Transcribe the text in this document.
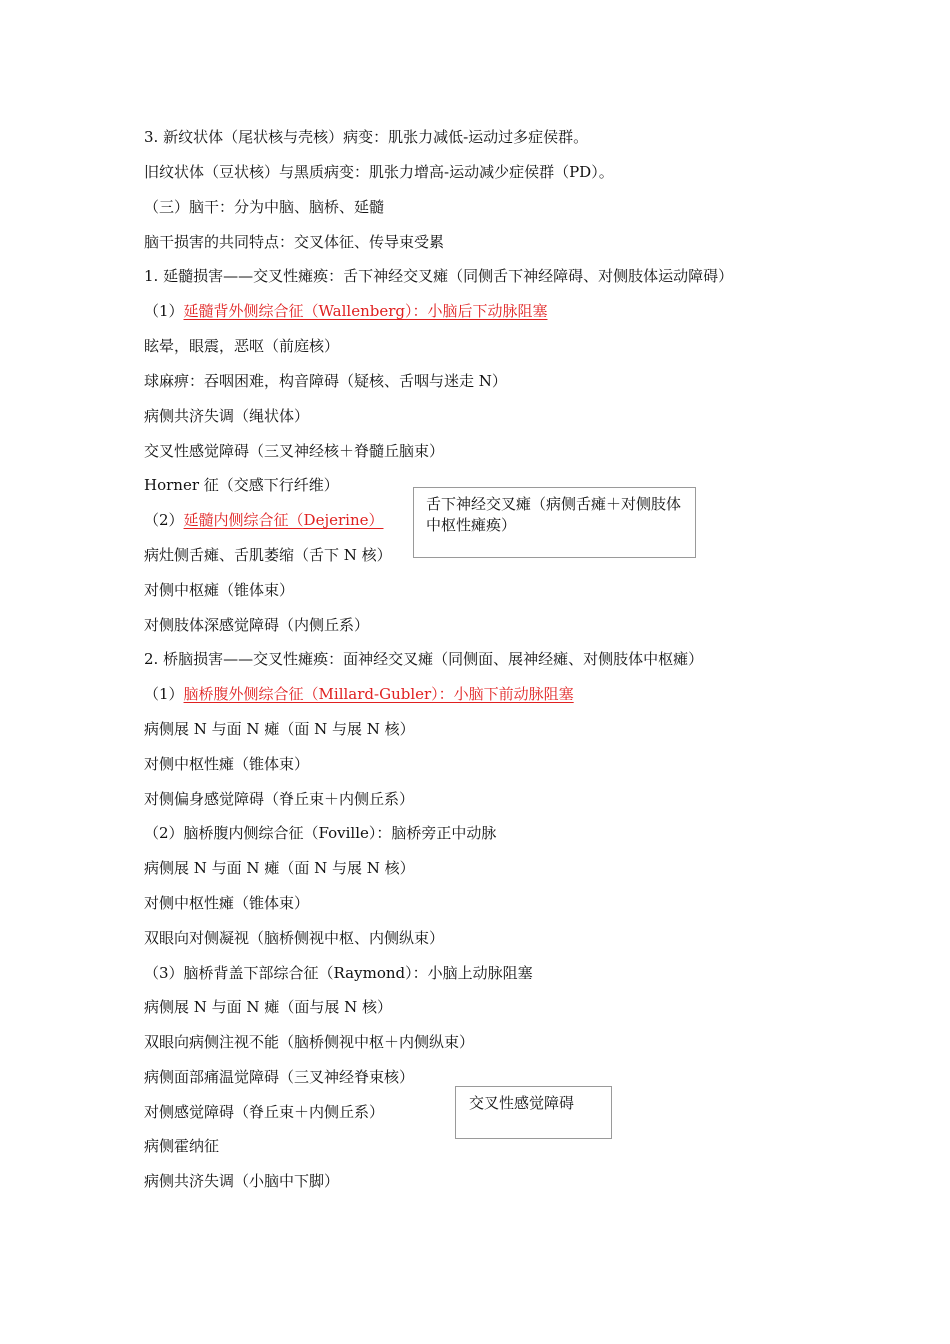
3. 新纹状体（尾状核与壳核）病变：肌张力减低-运动过多症侯群。
旧纹状体（豆状核）与黑质病变：肌张力增高-运动减少症侯群（PD）。
（三）脑干：分为中脑、脑桥、延髓
脑干损害的共同特点：交叉体征、传导束受累
1. 延髓损害——交叉性瘫痪：舌下神经交叉瘫（同侧舌下神经障碍、对侧肢体运动障碍）
（1）延髓背外侧综合征（Wallenberg）：小脑后下动脉阻塞
眩晕，眼震，恶呕（前庭核）
球麻痹：吞咽困难，构音障碍（疑核、舌咽与迷走 N）
病侧共济失调（绳状体）
交叉性感觉障碍（三叉神经核＋脊髓丘脑束）
Horner 征（交感下行纤维）
（2）延髓内侧综合征（Dejerine）
病灶侧舌瘫、舌肌萎缩（舌下 N 核）
对侧中枢瘫（锥体束）
对侧肢体深感觉障碍（内侧丘系）
2. 桥脑损害——交叉性瘫痪：面神经交叉瘫（同侧面、展神经瘫、对侧肢体中枢瘫）
（1）脑桥腹外侧综合征（Millard-Gubler）：小脑下前动脉阻塞
病侧展 N 与面 N 瘫（面 N 与展 N 核）
对侧中枢性瘫（锥体束）
对侧偏身感觉障碍（脊丘束＋内侧丘系）
（2）脑桥腹内侧综合征（Foville）：脑桥旁正中动脉
病侧展 N 与面 N 瘫（面 N 与展 N 核）
对侧中枢性瘫（锥体束）
双眼向对侧凝视（脑桥侧视中枢、内侧纵束）
（3）脑桥背盖下部综合征（Raymond）：小脑上动脉阻塞
病侧展 N 与面 N 瘫（面与展 N 核）
双眼向病侧注视不能（脑桥侧视中枢＋内侧纵束）
病侧面部痛温觉障碍（三叉神经脊束核）
对侧感觉障碍（脊丘束＋内侧丘系）
病侧霍纳征
病侧共济失调（小脑中下脚）
舌下神经交叉瘫（病侧舌瘫＋对侧肢体中枢性瘫痪）
交叉性感觉障碍
